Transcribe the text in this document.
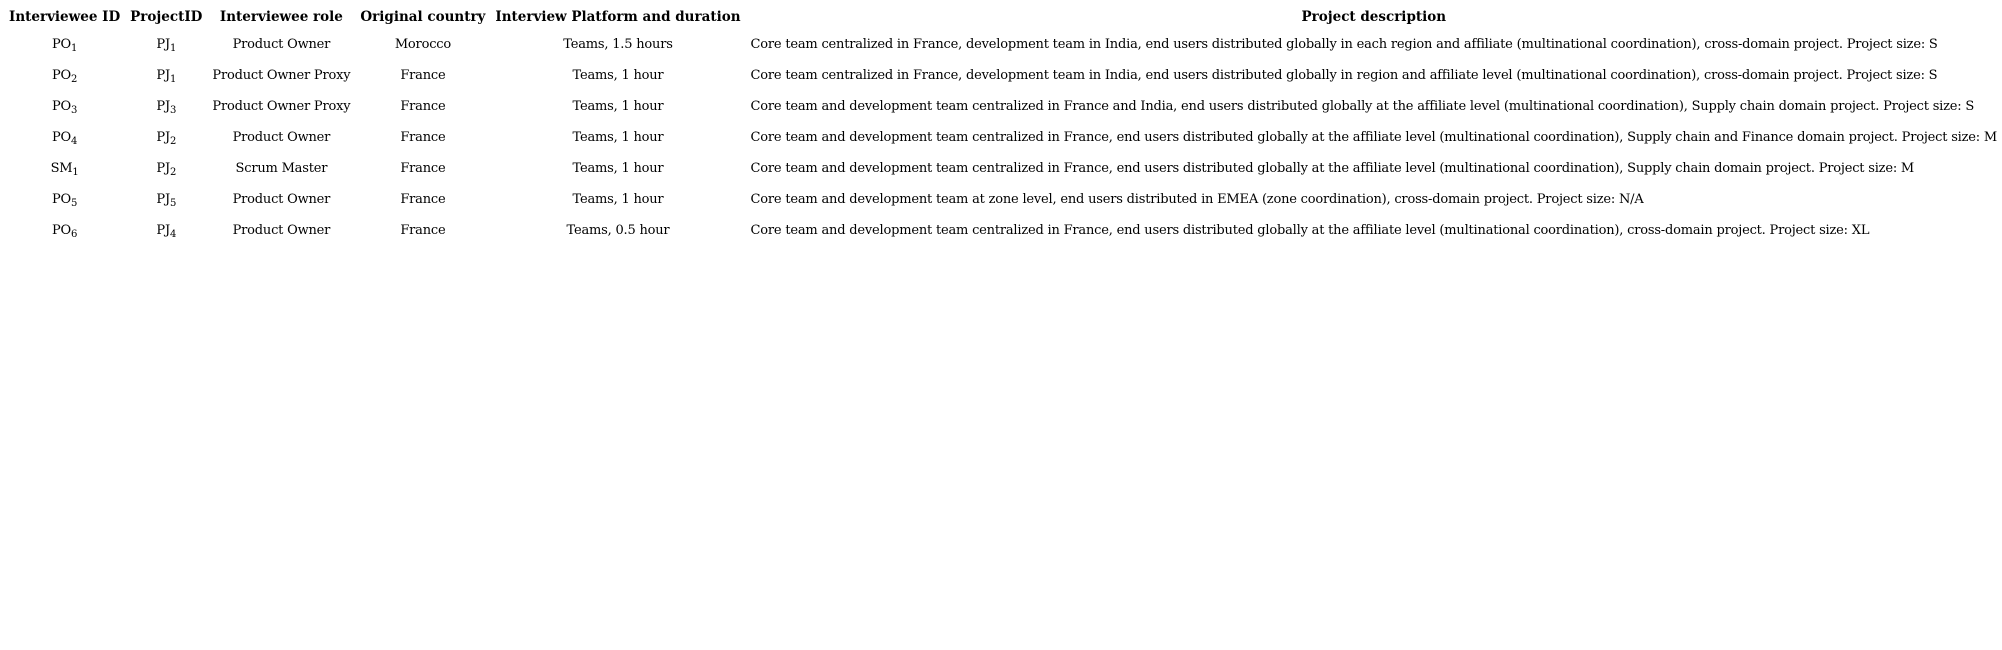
Interviewee ID	ProjectID	Interviewee role	Original country	Interview Platform and duration	Project description
$PO_1$	$PJ_1$	Product Owner	Morocco	Teams, 1.5 hours	Core team centralized in France, development team in India, end users distributed globally in each region and affiliate (multinational coordination), cross-domain project. Project size: S
$PO_2$	$PJ_1$	Product Owner Proxy	France	Teams, 1 hour	Core team centralized in France, development team in India, end users distributed globally in region and affiliate level (multinational coordination), cross-domain project. Project size: S
$PO_3$	$PJ_3$	Product Owner Proxy	France	Teams, 1 hour	Core team and development team centralized in France and India, end users distributed globally at the affiliate level (multinational coordination), Supply chain domain project. Project size: S
$PO_4$	$PJ_2$	Product Owner	France	Teams, 1 hour	Core team and development team centralized in France, end users distributed globally at the affiliate level (multinational coordination), Supply chain and Finance domain project. Project size: M
$SM_1$	$PJ_2$	Scrum Master	France	Teams, 1 hour	Core team and development team centralized in France, end users distributed globally at the affiliate level (multinational coordination), Supply chain domain project. Project size: M
$PO_5$	$PJ_5$	Product Owner	France	Teams, 1 hour	Core team and development team at zone level, end users distributed in EMEA (zone coordination), cross-domain project. Project size: N/A
$PO_6$	$PJ_4$	Product Owner	France	Teams, 0.5 hour	Core team and development team centralized in France, end users distributed globally at the affiliate level (multinational coordination), cross-domain project. Project size: XL
